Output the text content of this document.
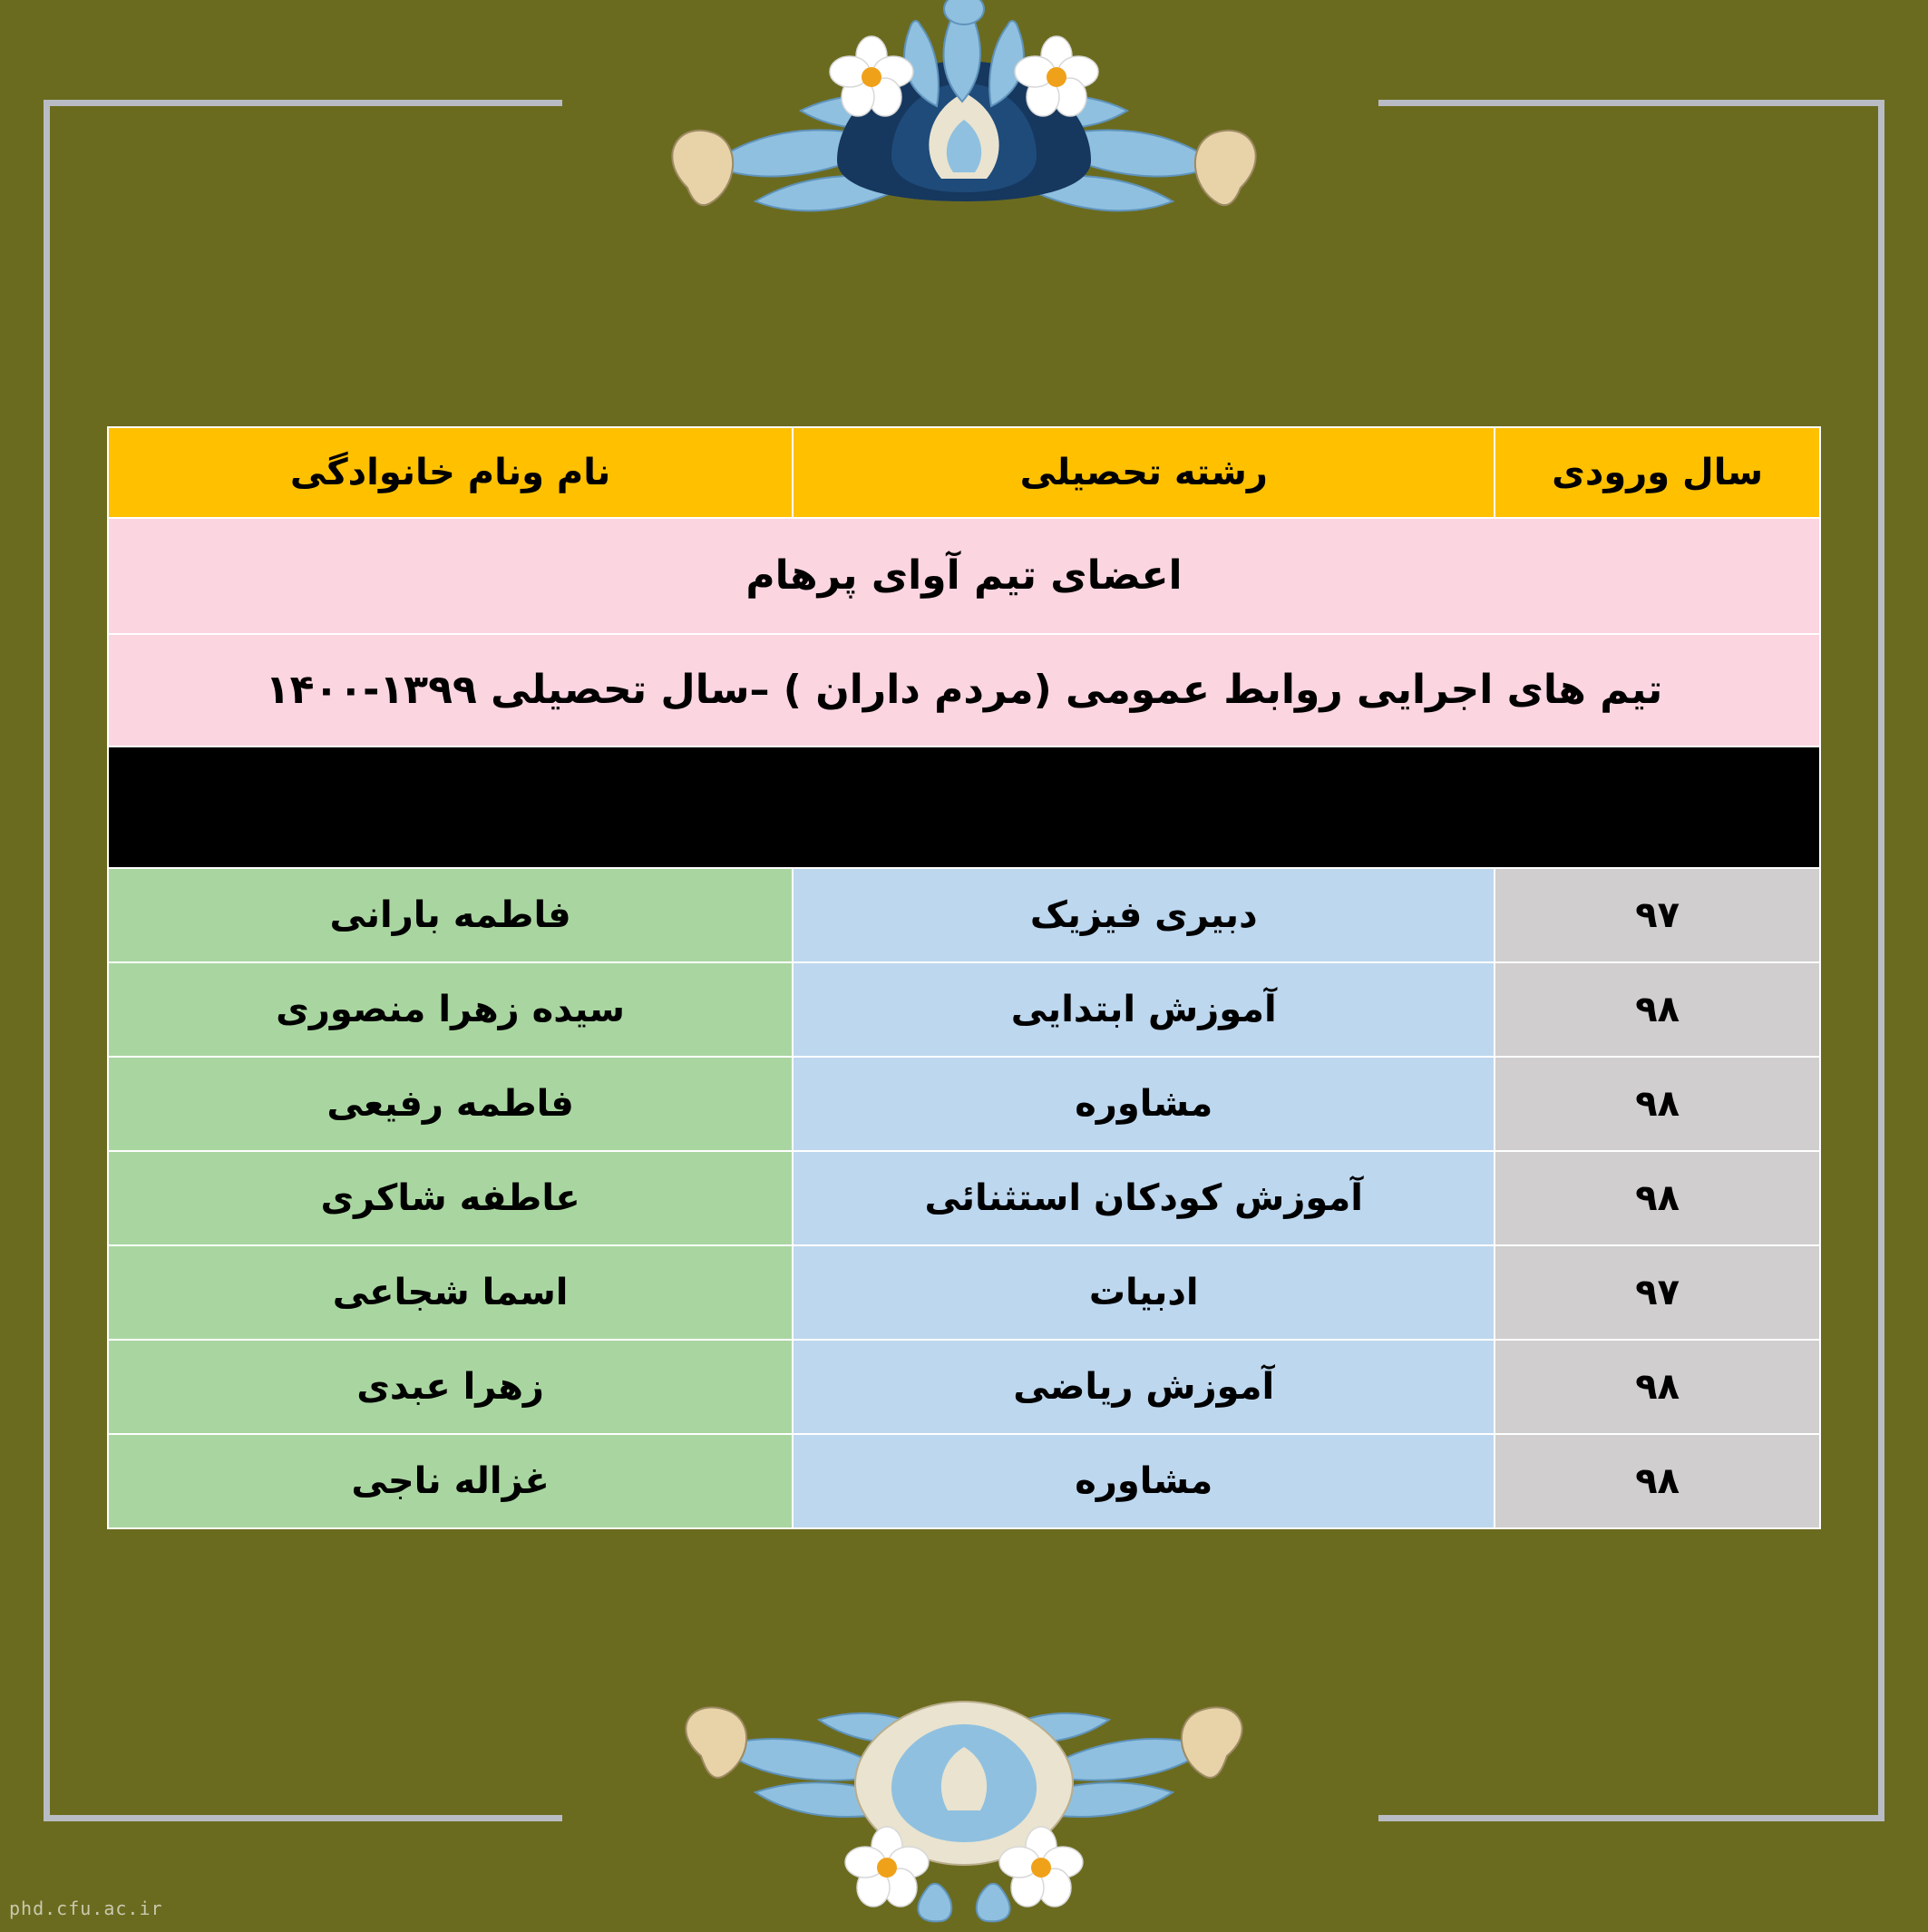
اعضای تیم آوای پرهام		
تیم های اجرایی روابط عمومی (مردم داران ) –سال تحصیلی ۱۳۹۹-۱۴۰۰		
مسئول تیم : الهام جهاندار		
سال ورودی	رشته تحصیلی	نام ونام خانوادگی
۹۷	دبیری فیزیک	فاطمه بارانی
۹۸	آموزش ابتدایی	سیده زهرا منصوری
۹۸	مشاوره	فاطمه رفیعی
۹۸	آموزش کودکان استثنائی	عاطفه شاکری
۹۷	ادبیات	اسما شجاعی
۹۸	آموزش ریاضی	زهرا عبدی
۹۸	مشاوره	غزاله ناجی
phd.cfu.ac.ir
